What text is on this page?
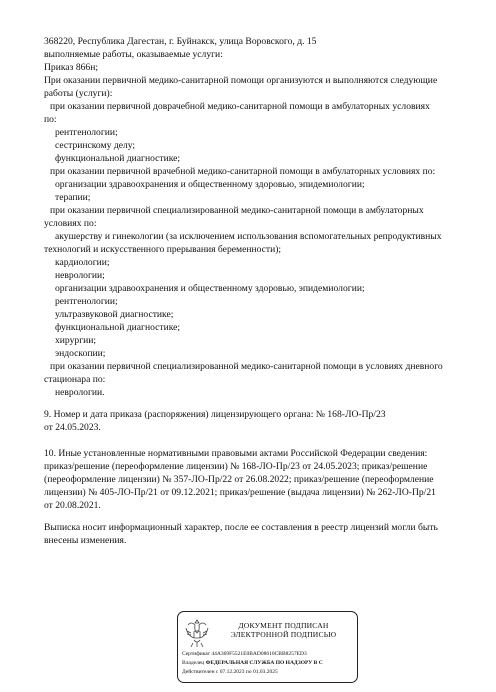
368220, Республика Дагестан, г. Буйнакск, улица Воровского, д. 15
выполняемые работы, оказываемые услуги:
Приказ 866н;
При оказании первичной медико-санитарной помощи организуются и выполняются следующие
работы (услуги):
при оказании первичной доврачебной медико-санитарной помощи в амбулаторных условиях
по:
рентгенологии;
сестринскому делу;
функциональной диагностике;
при оказании первичной врачебной медико-санитарной помощи в амбулаторных условиях по:
организации здравоохранения и общественному здоровью, эпидемиологии;
терапии;
при оказании первичной специализированной медико-санитарной помощи в амбулаторных
условиях по:
акушерству и гинекологии (за исключением использования вспомогательных репродуктивных
технологий и искусственного прерывания беременности);
кардиологии;
неврологии;
организации здравоохранения и общественному здоровью, эпидемиологии;
рентгенологии;
ультразвуковой диагностике;
функциональной диагностике;
хирургии;
эндоскопии;
при оказании первичной специализированной медико-санитарной помощи в условиях дневного
стационара по:
неврологии.
9. Номер и дата приказа (распоряжения) лицензирующего органа: № 168-ЛО-Пр/23
от 24.05.2023.
10. Иные установленные нормативными правовыми актами Российской Федерации сведения:
приказ/решение (переоформление лицензии) № 168-ЛО-Пр/23 от 24.05.2023; приказ/решение
(переоформление лицензии) № 357-ЛО-Пр/22 от 26.08.2022; приказ/решение (переоформление
лицензии) № 405-ЛО-Пр/21 от 09.12.2021; приказ/решение (выдача лицензии) № 262-ЛО-Пр/21
от 20.08.2021.
Выписка носит информационный характер, после ее составления в реестр лицензий могли быть
внесены изменения.
ДОКУМЕНТ ПОДПИСАН
ЭЛЕКТРОННОЙ ПОДПИСЬЮ
Сертификат 44A369F5521E0BAD08610CBB8257ED3
Владелец ФЕДЕРАЛЬНАЯ СЛУЖБА ПО НАДЗОРУ В С
Действителен с 07.12.2023 по 01.03.2025
